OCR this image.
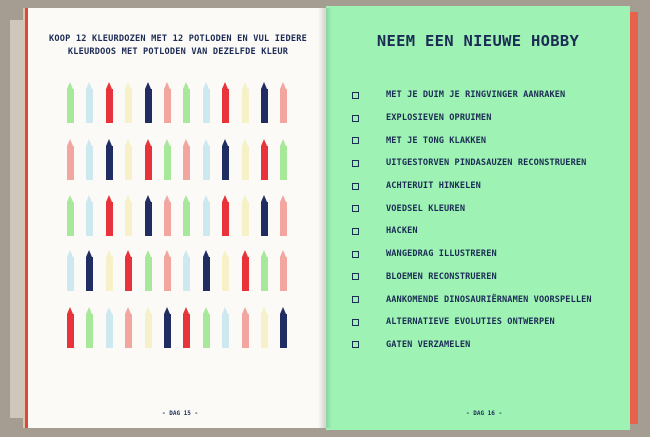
KOOP 12 KLEURDOZEN MET 12 POTLODEN EN VUL IEDERE KLEURDOOS MET POTLODEN VAN DEZELFDE KLEUR
NEEM EEN NIEUWE HOBBY
MET JE DUIM JE RINGVINGER AANRAKEN
EXPLOSIEVEN OPRUIMEN
MET JE TONG KLAKKEN
UITGESTORVEN PINDASAUZEN RECONSTRUEREN
ACHTERUIT HINKELEN
VOEDSEL KLEUREN
HACKEN
WANGEDRAG ILLUSTREREN
BLOEMEN RECONSTRUEREN
AANKOMENDE DINOSAURIËRNAMEN VOORSPELLEN
ALTERNATIEVE EVOLUTIES ONTWERPEN
GATEN VERZAMELEN
- DAG 15 -	- DAG 16 -
